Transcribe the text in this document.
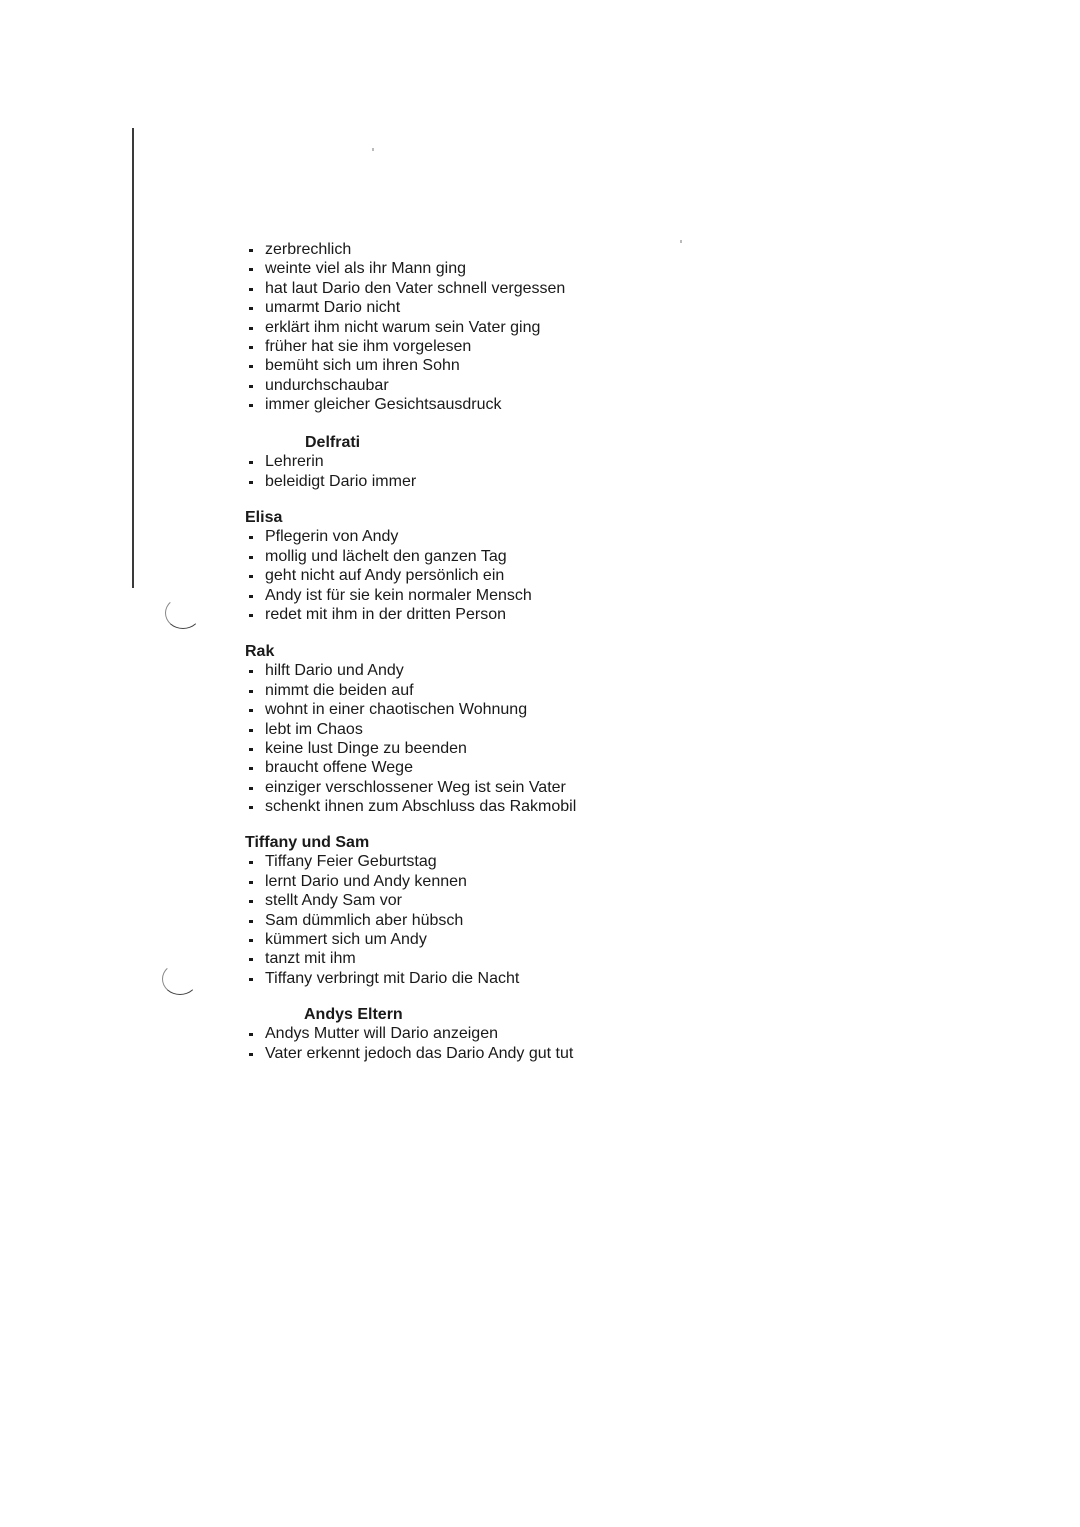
zerbrechlich
weinte viel als ihr Mann ging
hat laut Dario den Vater schnell vergessen
umarmt Dario nicht
erklärt ihm nicht warum sein Vater ging
früher hat sie ihm vorgelesen
bemüht sich um ihren Sohn
undurchschaubar
immer gleicher Gesichtsausdruck
Delfrati
Lehrerin
beleidigt Dario immer
Elisa
Pflegerin von Andy
mollig und lächelt den ganzen Tag
geht nicht auf Andy persönlich ein
Andy ist für sie kein normaler Mensch
redet mit ihm in der dritten Person
Rak
hilft Dario und Andy
nimmt die beiden auf
wohnt in einer chaotischen Wohnung
lebt im Chaos
keine lust Dinge zu beenden
braucht offene Wege
einziger verschlossener Weg ist sein Vater
schenkt ihnen zum Abschluss das Rakmobil
Tiffany und Sam
Tiffany Feier Geburtstag
lernt Dario und Andy kennen
stellt Andy Sam vor
Sam dümmlich aber hübsch
kümmert sich um Andy
tanzt mit ihm
Tiffany verbringt mit Dario die Nacht
Andys Eltern
Andys Mutter will Dario anzeigen
Vater erkennt jedoch das Dario Andy gut tut
